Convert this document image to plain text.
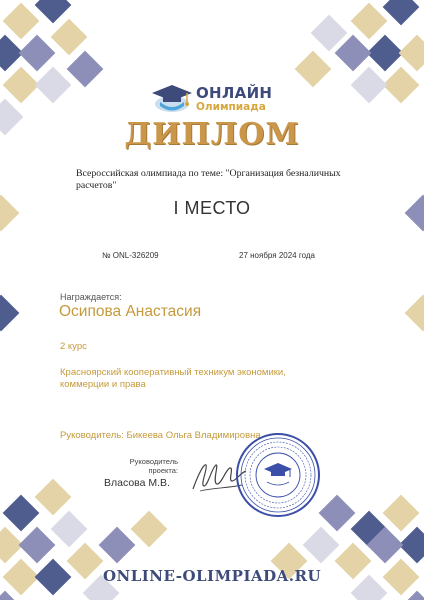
ОНЛАЙН
Олимпиада
ДИПЛОМ
Всероссийская олимпиада по теме: "Организация безналичных расчетов"
I МЕСТО
№ ONL-326209	27 ноября 2024 года
Награждается:
Осипова Анастасия
2 курс
Красноярский кооперативный техникум экономики,
коммерции и права
Руководитель: Бикеева Ольга Владимировна
Руководитель
проекта:
Власова М.В.
ONLINE-OLIMPIADA.RU
